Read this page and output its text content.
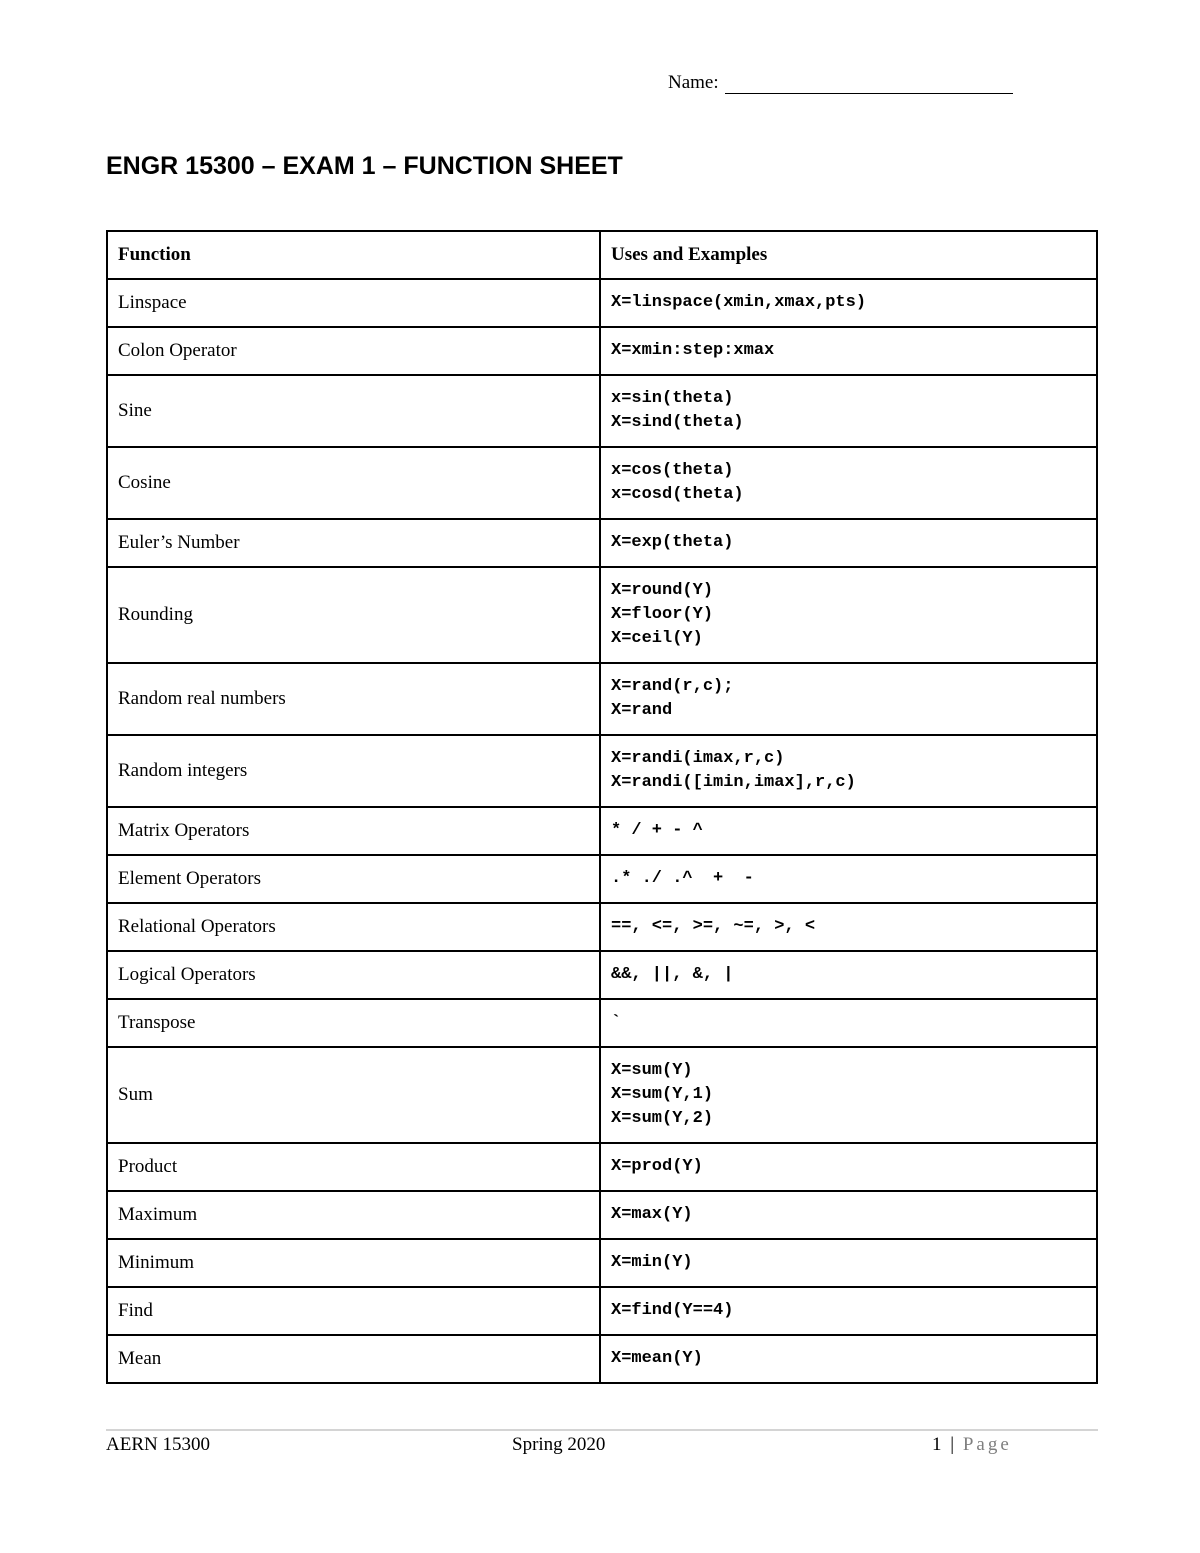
Name:
ENGR 15300 – EXAM 1 – FUNCTION SHEET
Function	Uses and Examples
Linspace	X=linspace(xmin,xmax,pts)

Colon Operator	X=xmin:step:xmax

Sine	x=sin(theta)
X=sind(theta)

Cosine	x=cos(theta)
x=cosd(theta)

Euler’s Number	X=exp(theta)

Rounding	X=round(Y)
X=floor(Y)
X=ceil(Y)

Random real numbers	X=rand(r,c);
X=rand

Random integers	X=randi(imax,r,c)
X=randi([imin,imax],r,c)

Matrix Operators	* / + - ^

Element Operators	.* ./ .^  +  -

Relational Operators	==, <=, >=, ~=, >, <

Logical Operators	&&, ||, &, |

Transpose	`

Sum	X=sum(Y)
X=sum(Y,1)
X=sum(Y,2)

Product	X=prod(Y)

Maximum	X=max(Y)

Minimum	X=min(Y)

Find	X=find(Y==4)

Mean	X=mean(Y)
AERN 15300	Spring 2020	1 | Page
